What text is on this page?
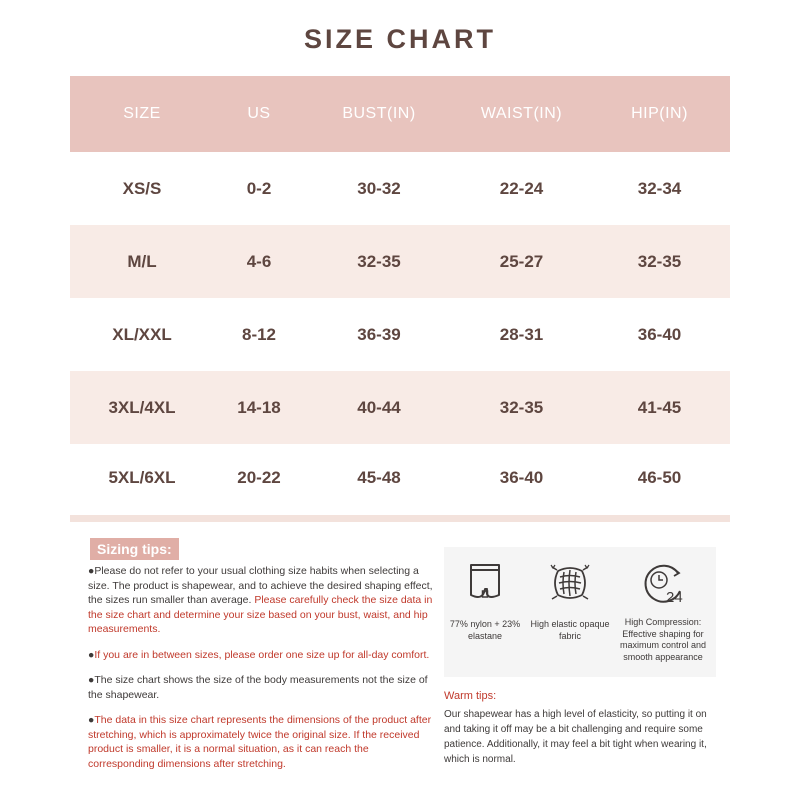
SIZE CHART
SIZE	US	BUST(IN)	WAIST(IN)	HIP(IN)
XS/S	0-2	30-32	22-24	32-34
M/L	4-6	32-35	25-27	32-35
XL/XXL	8-12	36-39	28-31	36-40
3XL/4XL	14-18	40-44	32-35	41-45
5XL/6XL	20-22	45-48	36-40	46-50
Sizing tips:

●Please do not refer to your usual clothing size habits when selecting a size. The product is shapewear, and to achieve the desired shaping effect, the sizes run smaller than average. Please carefully check the size data in the size chart and determine your size based on your bust, waist, and hip measurements.

●If you are in between sizes, please order one size up for all-day comfort.

●The size chart shows the size of the body measurements not the size of the shapewear.

●The data in this size chart represents the dimensions of the product after stretching, which is approximately twice the original size. If the received product is smaller, it is a normal situation, as it can reach the corresponding dimensions after stretching.

77% nylon + 23% elastane
High elastic opaque fabric
24
High Compression: Effective shaping for maximum control and smooth appearance
Warm tips:
Our shapewear has a high level of elasticity, so putting it on and taking it off may be a bit challenging and require some patience. Additionally, it may feel a bit tight when wearing it, which is normal.
